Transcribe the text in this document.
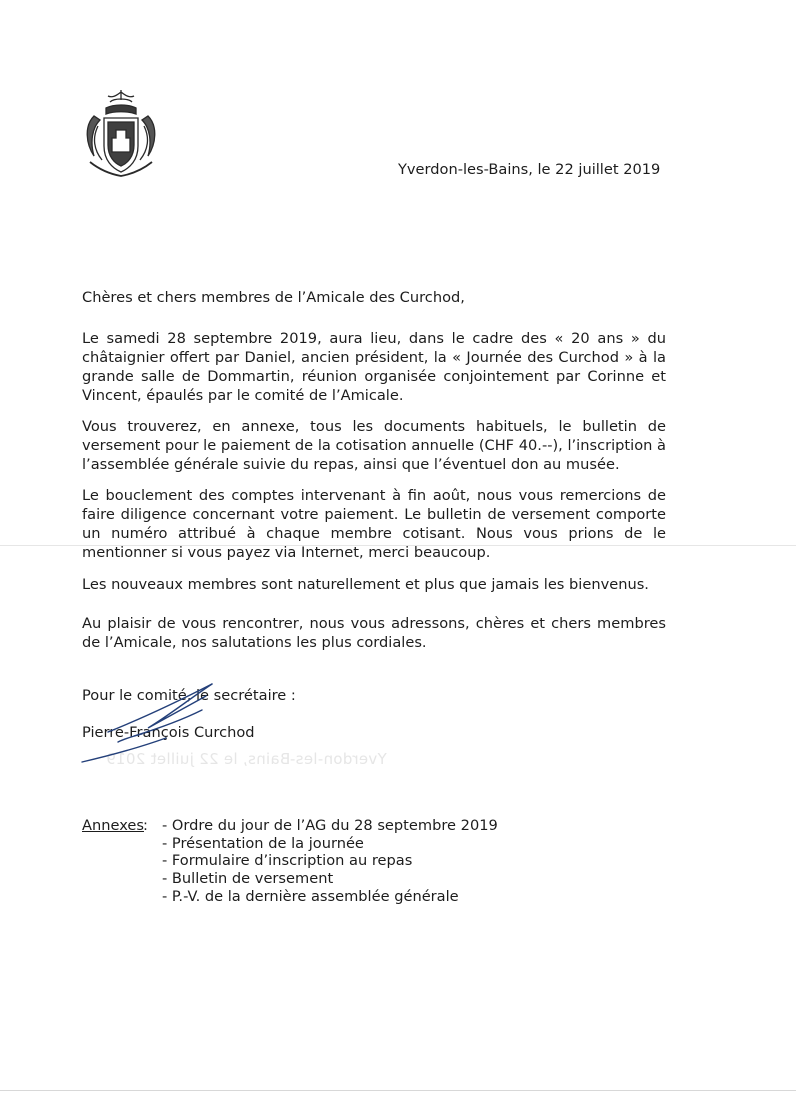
Yverdon-les-Bains, le 22 juillet 2019
Yverdon-les-Bains, le 22 juillet 2019
Chères et chers membres de l’Amicale des Curchod,

Le samedi 28 septembre 2019, aura lieu, dans le cadre des « 20 ans » du châtaignier offert par Daniel, ancien président, la « Journée des Curchod » à la grande salle de Dommartin, réunion organisée conjointement par Corinne et Vincent, épaulés par le comité de l’Amicale.

Vous trouverez, en annexe, tous les documents habituels, le bulletin de versement pour le paiement de la cotisation annuelle (CHF 40.--), l’inscription à l’assemblée générale suivie du repas, ainsi que l’éventuel don au musée.

Le bouclement des comptes intervenant à fin août, nous vous remercions de faire diligence concernant votre paiement. Le bulletin de versement comporte un numéro attribué à chaque membre cotisant. Nous vous prions de le mentionner si vous payez via Internet, merci beaucoup.

Les nouveaux membres sont naturellement et plus que jamais les bienvenus.

Au plaisir de vous rencontrer, nous vous adressons, chères et chers membres de l’Amicale, nos salutations les plus cordiales.

Pour le comité, le secrétaire :
Pierre-François Curchod
Annexes :
-	Ordre du jour de l’AG du 28 septembre 2019
- Présentation de la journée
- Formulaire d’inscription au repas
- Bulletin de versement
- P.-V. de la dernière assemblée générale
